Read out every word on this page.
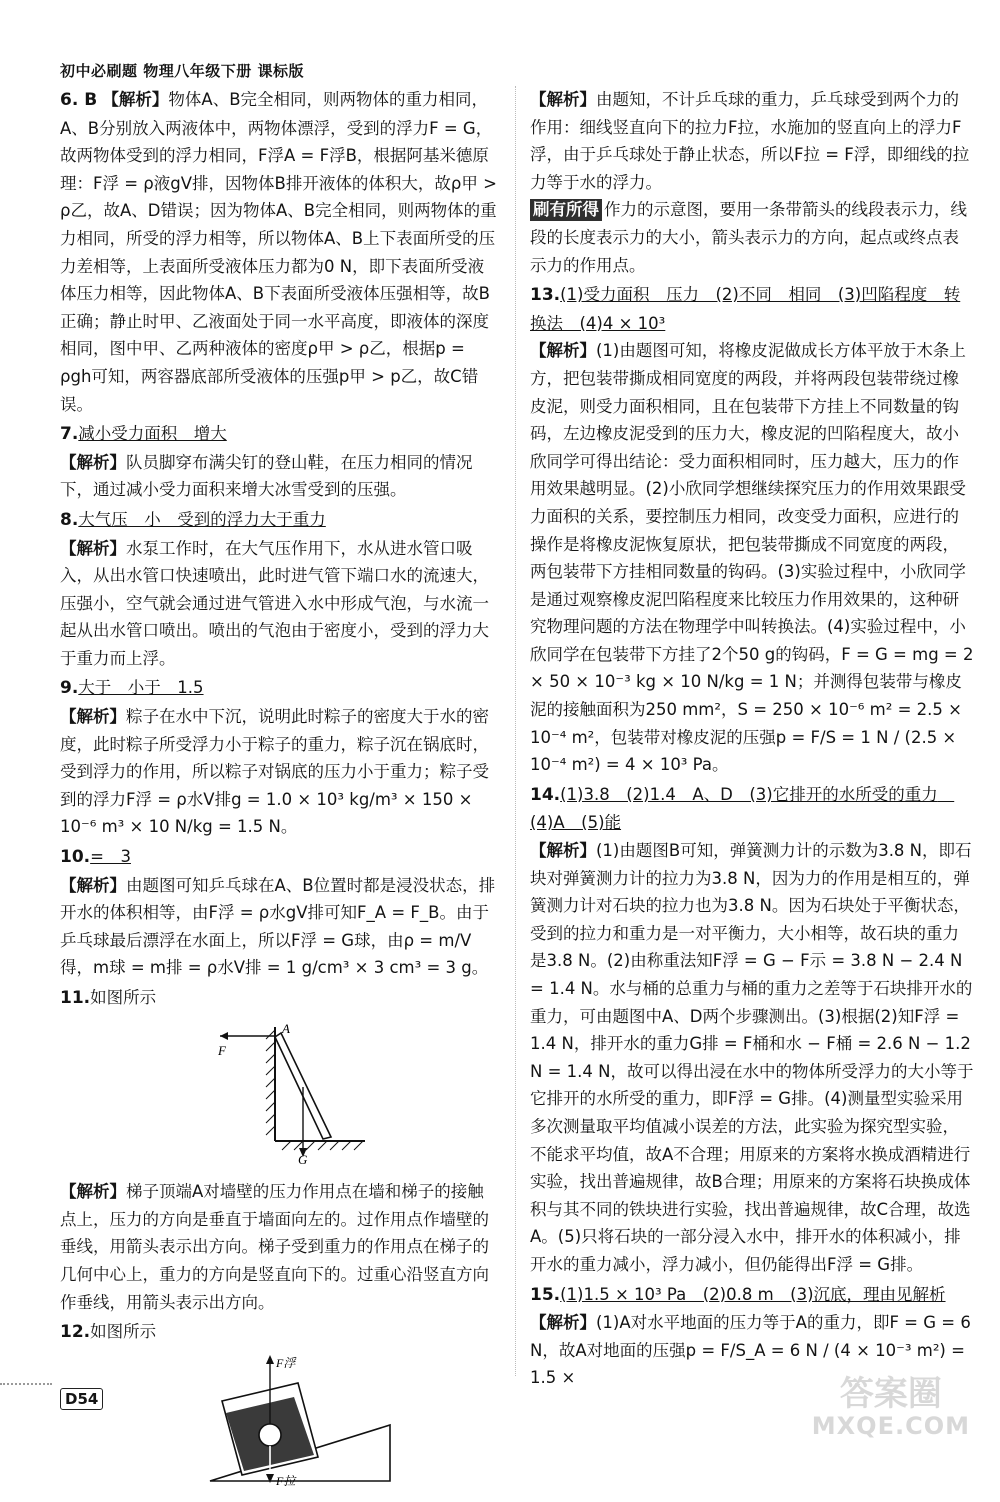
初中必刷题 物理八年级下册 课标版
6. B 【解析】物体A、B完全相同，则两物体的重力相同，A、B分别放入两液体中，两物体漂浮，受到的浮力F = G，故两物体受到的浮力相同，F浮A = F浮B，根据阿基米德原理：F浮 = ρ液gV排，因物体B排开液体的体积大，故ρ甲 > ρ乙，故A、D错误；因为物体A、B完全相同，则两物体的重力相同，所受的浮力相等，所以物体A、B上下表面所受的压力差相等，上表面所受液体压力都为0 N，即下表面所受液体压力相等，因此物体A、B下表面所受液体压强相等，故B正确；静止时甲、乙液面处于同一水平高度，即液体的深度相同，图中甲、乙两种液体的密度ρ甲 > ρ乙，根据p = ρgh可知，两容器底部所受液体的压强p甲 > p乙，故C错误。
7.减小受力面积　增大
【解析】队员脚穿布满尖钉的登山鞋，在压力相同的情况下，通过减小受力面积来增大冰雪受到的压强。
8.大气压　小　受到的浮力大于重力
【解析】水泵工作时，在大气压作用下，水从进水管口吸入，从出水管口快速喷出，此时进气管下端口水的流速大，压强小，空气就会通过进气管进入水中形成气泡，与水流一起从出水管口喷出。喷出的气泡由于密度小，受到的浮力大于重力而上浮。
9.大于　小于　1.5
【解析】粽子在水中下沉，说明此时粽子的密度大于水的密度，此时粽子所受浮力小于粽子的重力，粽子沉在锅底时，受到浮力的作用，所以粽子对锅底的压力小于重力；粽子受到的浮力F浮 = ρ水V排g = 1.0 × 10³ kg/m³ × 150 × 10⁻⁶ m³ × 10 N/kg = 1.5 N。
10.=　3
【解析】由题图可知乒乓球在A、B位置时都是浸没状态，排开水的体积相等，由F浮 = ρ水gV排可知F_A = F_B。由于乒乓球最后漂浮在水面上，所以F浮 = G球，由ρ = m/V得，m球 = m排 = ρ水V排 = 1 g/cm³ × 3 cm³ = 3 g。
11.如图所示
A
F
G
【解析】梯子顶端A对墙壁的压力作用点在墙和梯子的接触点上，压力的方向是垂直于墙面向左的。过作用点作墙壁的垂线，用箭头表示出方向。梯子受到重力的作用点在梯子的几何中心上，重力的方向是竖直向下的。过重心沿竖直方向作垂线，用箭头表示出方向。
12.如图所示
F浮
F拉
【解析】由题知，不计乒乓球的重力，乒乓球受到两个力的作用：细线竖直向下的拉力F拉，水施加的竖直向上的浮力F浮，由于乒乓球处于静止状态，所以F拉 = F浮，即细线的拉力等于水的浮力。
刷有所得 作力的示意图，要用一条带箭头的线段表示力，线段的长度表示力的大小，箭头表示力的方向，起点或终点表示力的作用点。
13.(1)受力面积　压力　(2)不同　相同　(3)凹陷程度　转换法　(4)4 × 10³
【解析】(1)由题图可知，将橡皮泥做成长方体平放于木条上方，把包装带撕成相同宽度的两段，并将两段包装带绕过橡皮泥，则受力面积相同，且在包装带下方挂上不同数量的钩码，左边橡皮泥受到的压力大，橡皮泥的凹陷程度大，故小欣同学可得出结论：受力面积相同时，压力越大，压力的作用效果越明显。(2)小欣同学想继续探究压力的作用效果跟受力面积的关系，要控制压力相同，改变受力面积，应进行的操作是将橡皮泥恢复原状，把包装带撕成不同宽度的两段，两包装带下方挂相同数量的钩码。(3)实验过程中，小欣同学是通过观察橡皮泥凹陷程度来比较压力作用效果的，这种研究物理问题的方法在物理学中叫转换法。(4)实验过程中，小欣同学在包装带下方挂了2个50 g的钩码，F = G = mg = 2 × 50 × 10⁻³ kg × 10 N/kg = 1 N；并测得包装带与橡皮泥的接触面积为250 mm²，S = 250 × 10⁻⁶ m² = 2.5 × 10⁻⁴ m²，包装带对橡皮泥的压强p = F/S = 1 N / (2.5 × 10⁻⁴ m²) = 4 × 10³ Pa。
14.(1)3.8　(2)1.4　A、D　(3)它排开的水所受的重力　(4)A　(5)能
【解析】(1)由题图B可知，弹簧测力计的示数为3.8 N，即石块对弹簧测力计的拉力为3.8 N，因为力的作用是相互的，弹簧测力计对石块的拉力也为3.8 N。因为石块处于平衡状态，受到的拉力和重力是一对平衡力，大小相等，故石块的重力是3.8 N。(2)由称重法知F浮 = G − F示 = 3.8 N − 2.4 N = 1.4 N。水与桶的总重力与桶的重力之差等于石块排开水的重力，可由题图中A、D两个步骤测出。(3)根据(2)知F浮 = 1.4 N，排开水的重力G排 = F桶和水 − F桶 = 2.6 N − 1.2 N = 1.4 N，故可以得出浸在水中的物体所受浮力的大小等于它排开的水所受的重力，即F浮 = G排。(4)测量型实验采用多次测量取平均值减小误差的方法，此实验为探究型实验，不能求平均值，故A不合理；用原来的方案将水换成酒精进行实验，找出普遍规律，故B合理；用原来的方案将石块换成体积与其不同的铁块进行实验，找出普遍规律，故C合理，故选A。(5)只将石块的一部分浸入水中，排开水的体积减小，排开水的重力减小，浮力减小，但仍能得出F浮 = G排。
15.(1)1.5 × 10³ Pa　(2)0.8 m　(3)沉底，理由见解析
【解析】(1)A对水平地面的压力等于A的重力，即F = G = 6 N，故A对地面的压强p = F/S_A = 6 N / (4 × 10⁻³ m²) = 1.5 ×
D54	答案圈
MXQE.COM
